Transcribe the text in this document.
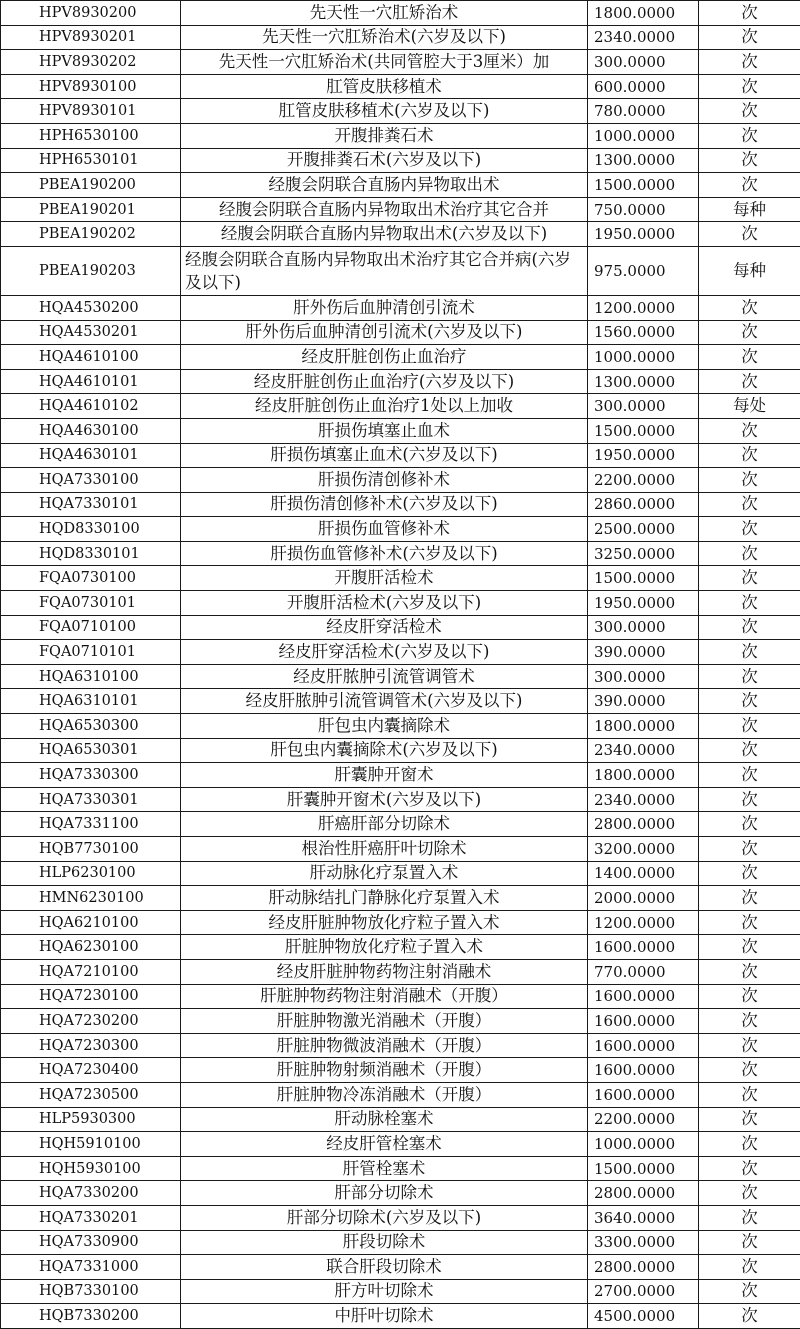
HPV8930200	先天性一穴肛矫治术	1800.0000	次
HPV8930201	先天性一穴肛矫治术(六岁及以下)	2340.0000	次
HPV8930202	先天性一穴肛矫治术(共同管腔大于3厘米）加	300.0000	次
HPV8930100	肛管皮肤移植术	600.0000	次
HPV8930101	肛管皮肤移植术(六岁及以下)	780.0000	次
HPH6530100	开腹排粪石术	1000.0000	次
HPH6530101	开腹排粪石术(六岁及以下)	1300.0000	次
PBEA190200	经腹会阴联合直肠内异物取出术	1500.0000	次
PBEA190201	经腹会阴联合直肠内异物取出术治疗其它合并	750.0000	每种
PBEA190202	经腹会阴联合直肠内异物取出术(六岁及以下)	1950.0000	次
PBEA190203	经腹会阴联合直肠内异物取出术治疗其它合并病(六岁及以下)	975.0000	每种
HQA4530200	肝外伤后血肿清创引流术	1200.0000	次
HQA4530201	肝外伤后血肿清创引流术(六岁及以下)	1560.0000	次
HQA4610100	经皮肝脏创伤止血治疗	1000.0000	次
HQA4610101	经皮肝脏创伤止血治疗(六岁及以下)	1300.0000	次
HQA4610102	经皮肝脏创伤止血治疗1处以上加收	300.0000	每处
HQA4630100	肝损伤填塞止血术	1500.0000	次
HQA4630101	肝损伤填塞止血术(六岁及以下)	1950.0000	次
HQA7330100	肝损伤清创修补术	2200.0000	次
HQA7330101	肝损伤清创修补术(六岁及以下)	2860.0000	次
HQD8330100	肝损伤血管修补术	2500.0000	次
HQD8330101	肝损伤血管修补术(六岁及以下)	3250.0000	次
FQA0730100	开腹肝活检术	1500.0000	次
FQA0730101	开腹肝活检术(六岁及以下)	1950.0000	次
FQA0710100	经皮肝穿活检术	300.0000	次
FQA0710101	经皮肝穿活检术(六岁及以下)	390.0000	次
HQA6310100	经皮肝脓肿引流管调管术	300.0000	次
HQA6310101	经皮肝脓肿引流管调管术(六岁及以下)	390.0000	次
HQA6530300	肝包虫内囊摘除术	1800.0000	次
HQA6530301	肝包虫内囊摘除术(六岁及以下)	2340.0000	次
HQA7330300	肝囊肿开窗术	1800.0000	次
HQA7330301	肝囊肿开窗术(六岁及以下)	2340.0000	次
HQA7331100	肝癌肝部分切除术	2800.0000	次
HQB7730100	根治性肝癌肝叶切除术	3200.0000	次
HLP6230100	肝动脉化疗泵置入术	1400.0000	次
HMN6230100	肝动脉结扎门静脉化疗泵置入术	2000.0000	次
HQA6210100	经皮肝脏肿物放化疗粒子置入术	1200.0000	次
HQA6230100	肝脏肿物放化疗粒子置入术	1600.0000	次
HQA7210100	经皮肝脏肿物药物注射消融术	770.0000	次
HQA7230100	肝脏肿物药物注射消融术（开腹）	1600.0000	次
HQA7230200	肝脏肿物激光消融术（开腹）	1600.0000	次
HQA7230300	肝脏肿物微波消融术（开腹）	1600.0000	次
HQA7230400	肝脏肿物射频消融术（开腹）	1600.0000	次
HQA7230500	肝脏肿物冷冻消融术（开腹）	1600.0000	次
HLP5930300	肝动脉栓塞术	2200.0000	次
HQH5910100	经皮肝管栓塞术	1000.0000	次
HQH5930100	肝管栓塞术	1500.0000	次
HQA7330200	肝部分切除术	2800.0000	次
HQA7330201	肝部分切除术(六岁及以下)	3640.0000	次
HQA7330900	肝段切除术	3300.0000	次
HQA7331000	联合肝段切除术	2800.0000	次
HQB7330100	肝方叶切除术	2700.0000	次
HQB7330200	中肝叶切除术	4500.0000	次
